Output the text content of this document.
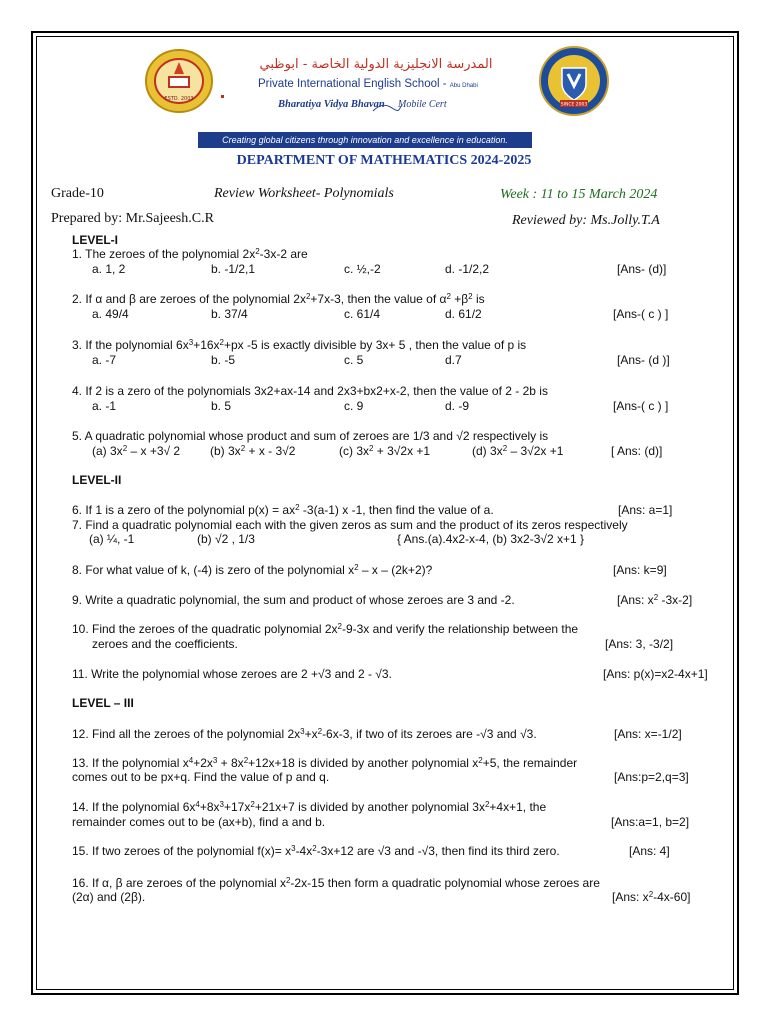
ESTD. 2003
المدرسة الانجليزية الدولية الخاصة - ابوظبي
Private International English School - Abu Dhabi
Bharatiya Vidya Bhavan Mobile Cert	SINCE 2003
Creating global citizens through innovation and excellence in education.
DEPARTMENT OF MATHEMATICS 2024-2025
Grade-10	Review Worksheet- Polynomials	Week : 11 to 15 March 2024
Prepared by: Mr.Sajeesh.C.R	Reviewed by: Ms.Jolly.T.A
LEVEL-I
1. The zeroes of the polynomial $2x^2-3x-2$ are
a. 1, 2	b. -1/2,1	c. ½,-2	d. -1/2,2	[Ans- (d)]
2. If α and β are zeroes of the polynomial $2x^2+7x-3$, then the value of $\alpha^2 +\beta^2$ is
a. 49/4	b. 37/4	c. 61/4	d. 61/2	[Ans-( c ) ]
3. If the polynomial $6x^3+16x^2+px$ -5 is exactly divisible by 3x+ 5 , then the value of p is
a. -7	b. -5	c. 5	d.7	[Ans- (d )]
4. If 2 is a zero of the polynomials 3x2+ax-14 and 2x3+bx2+x-2, then the value of 2 - 2b is
a. -1	b. 5	c. 9	d. -9	[Ans-( c ) ]
5. A quadratic polynomial whose product and sum of zeroes are 1/3 and √2 respectively is
(a) $3x^2 - x +3√$ 2 (b) $3x^2 + x - 3√2$	(c) $3x^2 + 3√2x +1$	(d) $3x^2 - 3√2x +1$	[ Ans: (d)]
LEVEL-II
6. If 1 is a zero of the polynomial $p(x) = ax^2$ -3(a-1) x -1, then find the value of a.	[Ans: a=1]
7. Find a quadratic polynomial each with the given zeros as sum and the product of its zeros respectively
(a) ¼, -1	(b) √2 , 1/3	{ Ans.(a).4x2-x-4, (b) 3x2-3√2 x+1 }
8. For what value of k, (-4) is zero of the polynomial $x^2 - x - (2k+2)$?	[Ans: k=9]
9. Write a quadratic polynomial, the sum and product of whose zeroes are 3 and -2.	[Ans: $x^2$ -3x-2]
10. Find the zeroes of the quadratic polynomial $2x^2-9-3x$ and verify the relationship between the
zeroes and the coefficients.	[Ans: 3, -3/2]
11. Write the polynomial whose zeroes are 2 +√3 and 2 - √3.	[Ans: p(x)=x2-4x+1]
LEVEL – III
12. Find all the zeroes of the polynomial $2x^3+x^2-6x-3$, if two of its zeroes are -√3 and √3.	[Ans: x=-1/2]
13. If the polynomial $x^4+2x^3 + 8x^2+12x+18$ is divided by another polynomial $x^2+5$, the remainder
comes out to be px+q. Find the value of p and q.	[Ans:p=2,q=3]
14. If the polynomial $6x^4+8x^3+17x^2+21x+7$ is divided by another polynomial $3x^2+4x+1$, the
remainder comes out to be (ax+b), find a and b.	[Ans:a=1, b=2]
15. If two zeroes of the polynomial $f(x)= x^3-4x^2-3x+12$ are √3 and -√3, then find its third zero.	[Ans: 4]
16. If α, β are zeroes of the polynomial $x^2-2x-15$ then form a quadratic polynomial whose zeroes are
(2α) and (2β).	[Ans: $x^2-4x-60$]
